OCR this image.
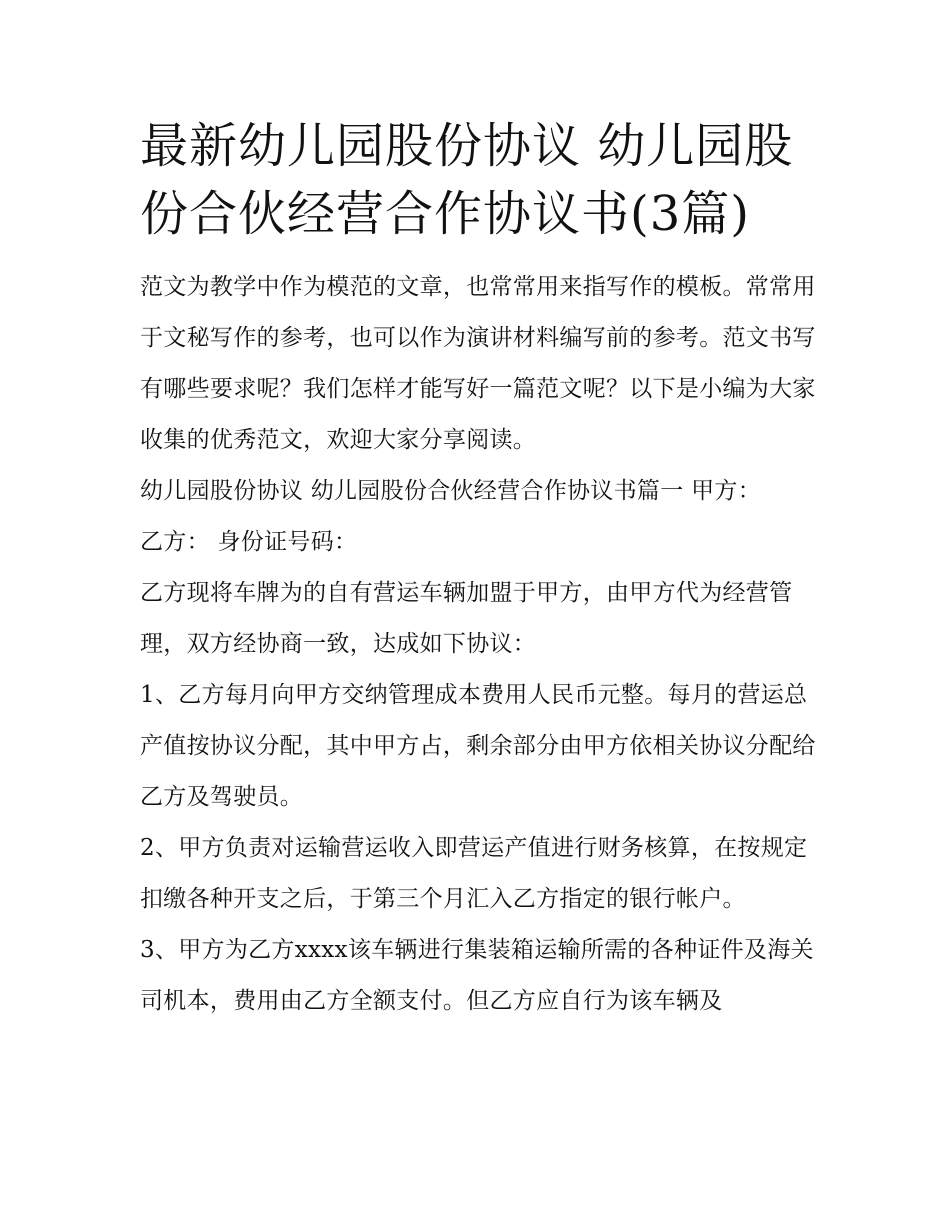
最新幼儿园股份协议 幼儿园股份合伙经营合作协议书(3篇)

范文为教学中作为模范的文章，也常常用来指写作的模板。常常用于文秘写作的参考，也可以作为演讲材料编写前的参考。范文书写有哪些要求呢？我们怎样才能写好一篇范文呢？以下是小编为大家收集的优秀范文，欢迎大家分享阅读。

幼儿园股份协议 幼儿园股份合伙经营合作协议书篇一 甲方：

乙方： 身份证号码：

乙方现将车牌为的自有营运车辆加盟于甲方，由甲方代为经营管理，双方经协商一致，达成如下协议：

1、乙方每月向甲方交纳管理成本费用人民币元整。每月的营运总产值按协议分配，其中甲方占，剩余部分由甲方依相关协议分配给乙方及驾驶员。

2、甲方负责对运输营运收入即营运产值进行财务核算，在按规定扣缴各种开支之后，于第三个月汇入乙方指定的银行帐户。

3、甲方为乙方xxxx该车辆进行集装箱运输所需的各种证件及海关司机本，费用由乙方全额支付。但乙方应自行为该车辆及
